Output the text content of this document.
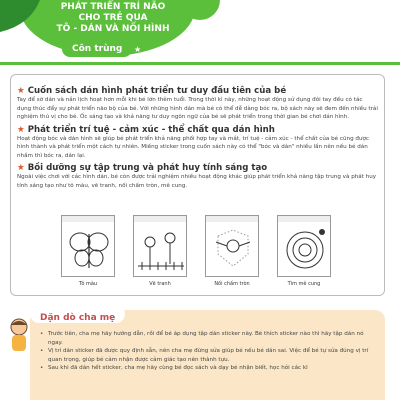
PHÁT TRIỂN TRÍ NÃO
CHO TRẺ QUA
TÔ - DÁN VÀ NỐI HÌNH
★	Côn trùng	★
★ Cuốn sách dán hình phát triển tư duy đầu tiên của bé
Tay để sờ dán và nắn lịch hoạt hơn mỗi khi bé lớn thêm tuổi. Trong thời kì này, những hoạt động sử dụng đôi tay đều có tác dụng thúc đẩy sự phát triển não bộ của bé. Với những hình dán mà bé có thể dễ dàng bóc ra, bộ sách này sẽ đem đến nhiều trải nghiệm thú vị cho bé. Ốc sáng tạo và khả năng tư duy ngôn ngữ của bé sẽ phát triển trong thời gian bé chơi dán hình.
★ Phát triển trí tuệ - cảm xúc - thể chất qua dán hình
Hoạt động bóc và dán hình sẽ giúp bé phát triển khả năng phối hợp tay và mắt, trí tuệ - cảm xúc - thể chất của bé cũng được hình thành và phát triển một cách tự nhiên. Miếng sticker trong cuốn sách này có thể "bóc và dán" nhiều lần nên nếu bé dán nhầm thì bóc ra, dán lại.
★ Bồi dưỡng sự tập trung và phát huy tính sáng tạo
Ngoài việc chơi với các hình dán, bé còn được trải nghiệm nhiều hoạt động khác giúp phát triển khả năng tập trung và phát huy tính sáng tạo như tô màu, vẽ tranh, nối chấm tròn, mê cung.
Tô màu	Vẽ tranh	Nối chấm tròn	Tìm mê cung

• Trước tiên, cha mẹ hãy hướng dẫn, rồi để bé áp dụng tập dán sticker này. Bé thích sticker nào thì hãy tập dán nó ngay.

• Vị trí dán sticker đã được quy định sẵn, nên cha mẹ đừng sửa giúp bé nếu bé dán sai. Việc để bé tự sửa đúng vị trí quan trọng, giúp bé cảm nhận được cảm giác tạo nên thành tựu.

• Sau khi đã dán hết sticker, cha mẹ hãy cùng bé đọc sách và dạy bé nhận biết, học hỏi các kĩ

Dặn dò cha mẹ
